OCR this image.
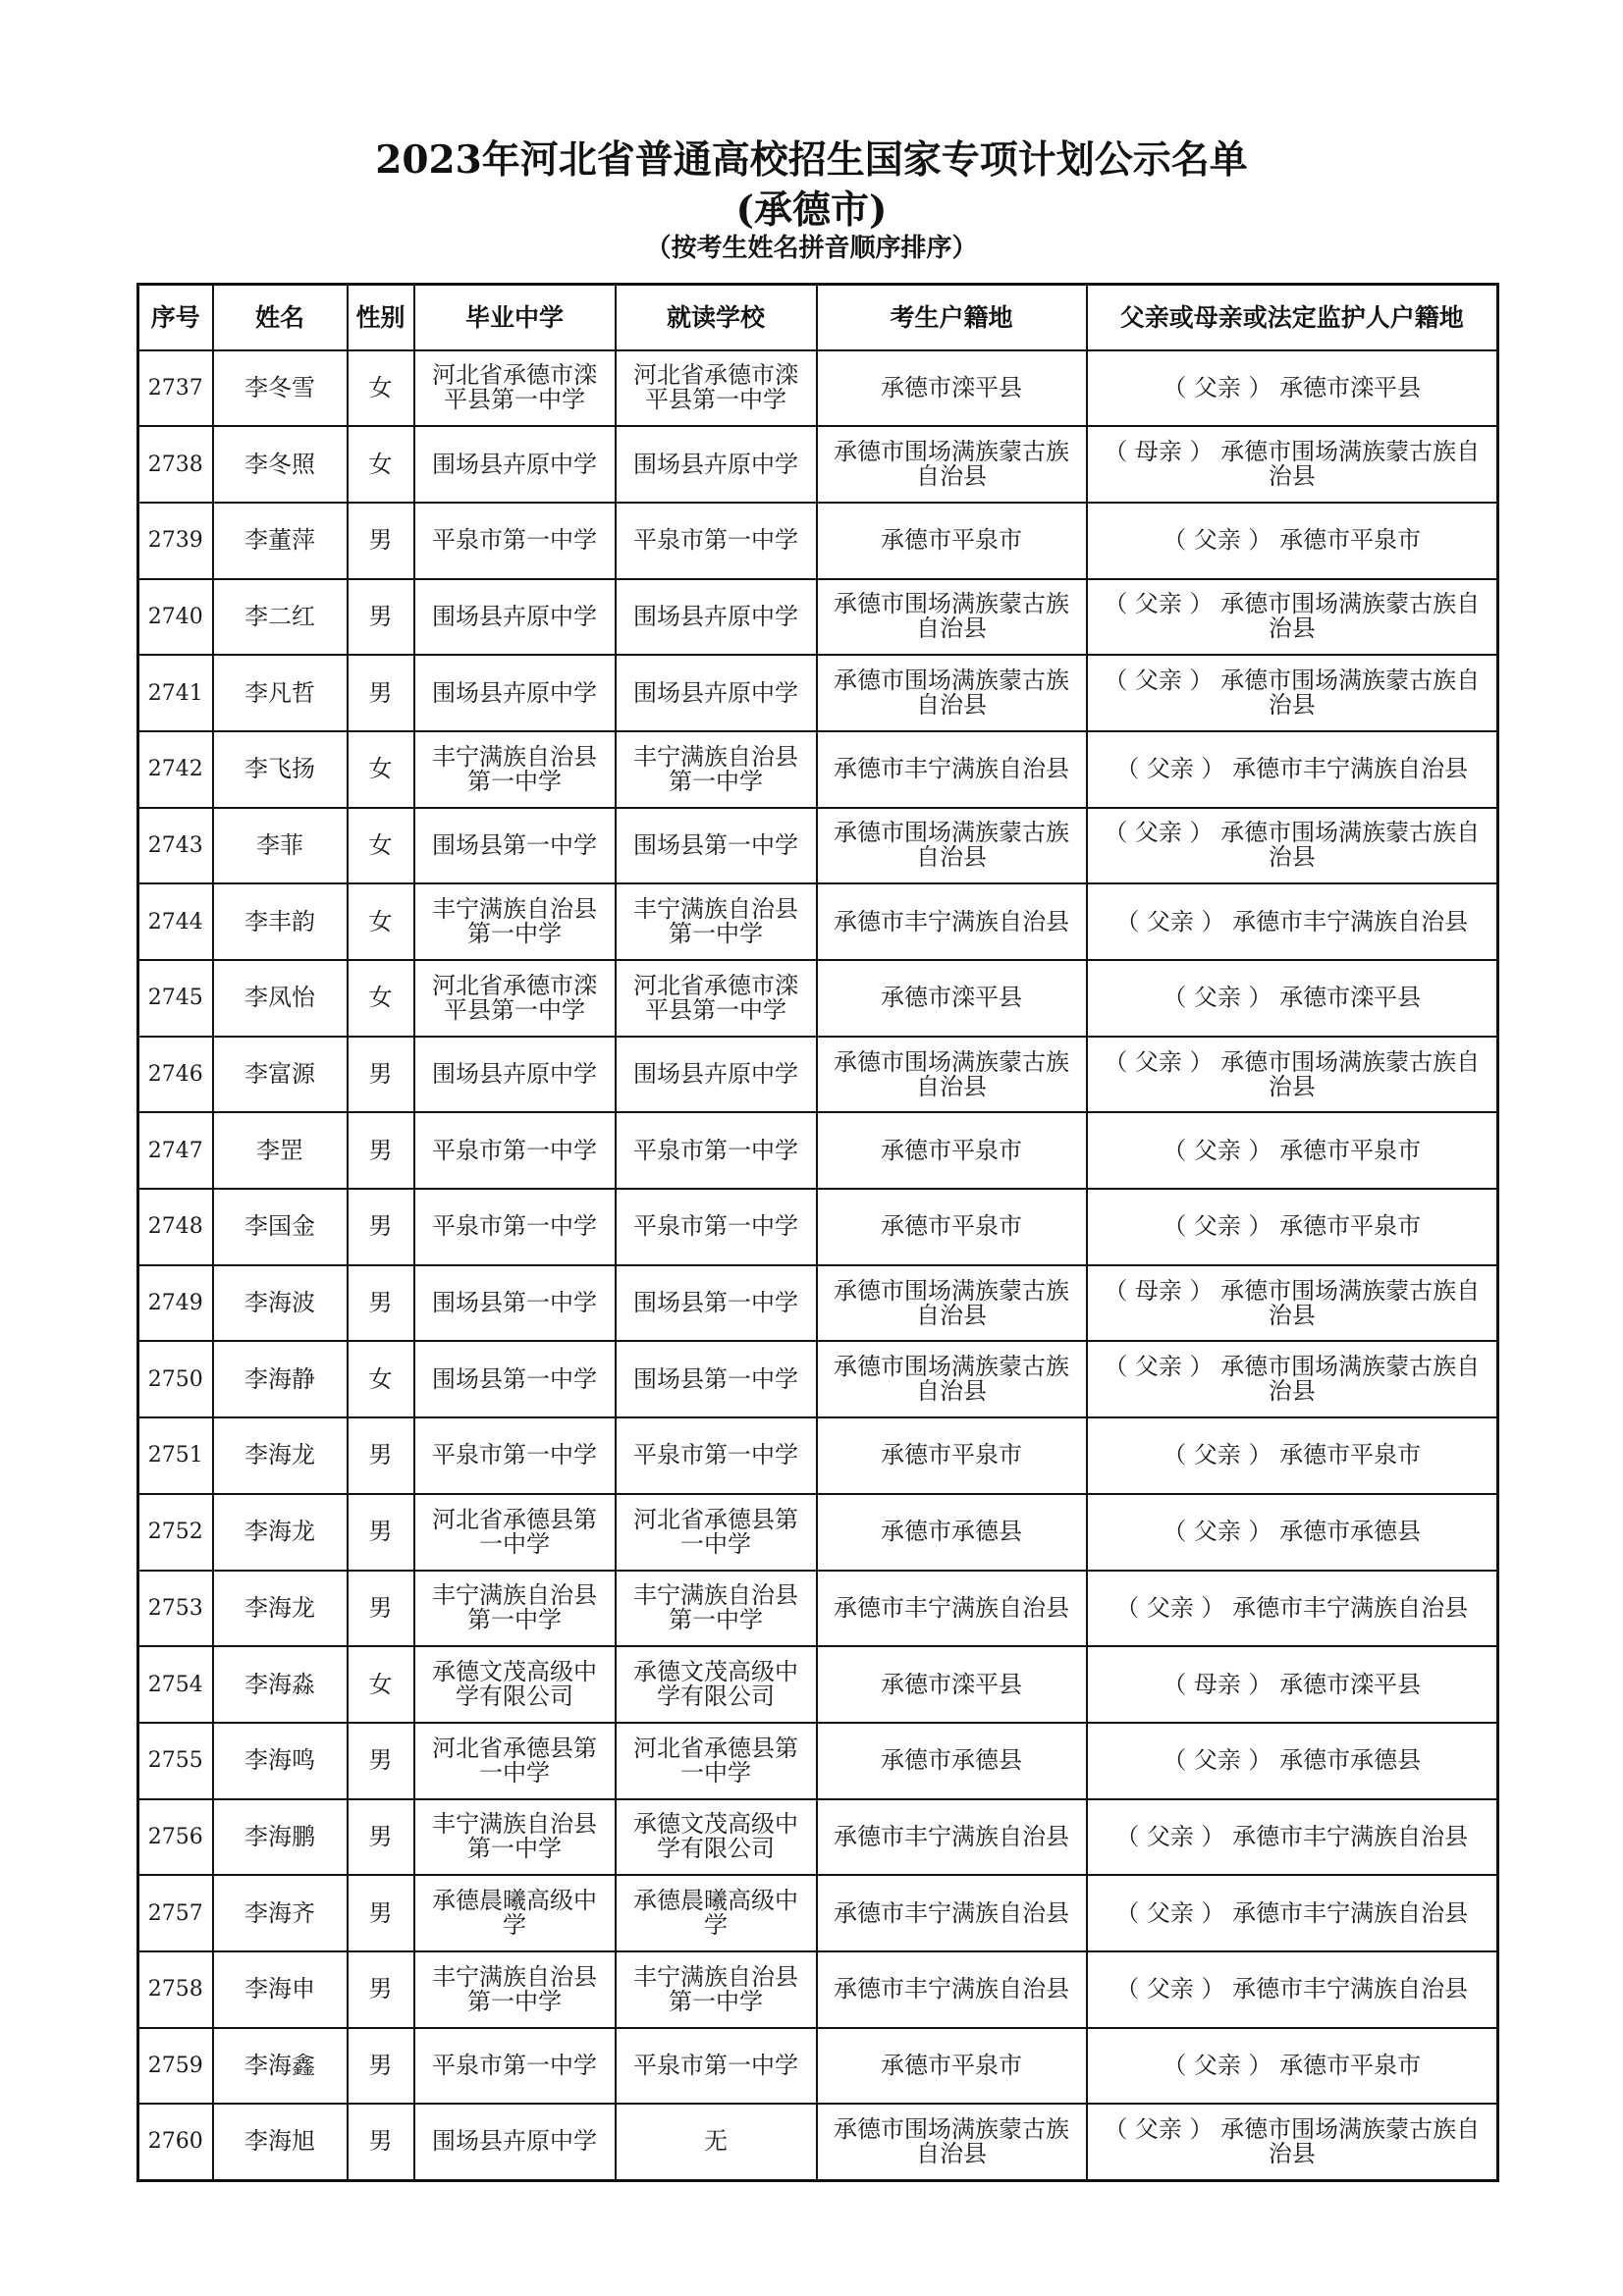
2023年河北省普通高校招生国家专项计划公示名单
(承德市)
（按考生姓名拼音顺序排序）
序号	姓名	性别	毕业中学	就读学校	考生户籍地	父亲或母亲或法定监护人户籍地
2737	李冬雪	女	河北省承德市滦平县第一中学	河北省承德市滦平县第一中学	承德市滦平县	（ 父亲 ） 承德市滦平县
2738	李冬照	女	围场县卉原中学	围场县卉原中学	承德市围场满族蒙古族自治县	（ 母亲 ） 承德市围场满族蒙古族自治县
2739	李董萍	男	平泉市第一中学	平泉市第一中学	承德市平泉市	（ 父亲 ） 承德市平泉市
2740	李二红	男	围场县卉原中学	围场县卉原中学	承德市围场满族蒙古族自治县	（ 父亲 ） 承德市围场满族蒙古族自治县
2741	李凡哲	男	围场县卉原中学	围场县卉原中学	承德市围场满族蒙古族自治县	（ 父亲 ） 承德市围场满族蒙古族自治县
2742	李飞扬	女	丰宁满族自治县第一中学	丰宁满族自治县第一中学	承德市丰宁满族自治县	（ 父亲 ） 承德市丰宁满族自治县
2743	李菲	女	围场县第一中学	围场县第一中学	承德市围场满族蒙古族自治县	（ 父亲 ） 承德市围场满族蒙古族自治县
2744	李丰韵	女	丰宁满族自治县第一中学	丰宁满族自治县第一中学	承德市丰宁满族自治县	（ 父亲 ） 承德市丰宁满族自治县
2745	李凤怡	女	河北省承德市滦平县第一中学	河北省承德市滦平县第一中学	承德市滦平县	（ 父亲 ） 承德市滦平县
2746	李富源	男	围场县卉原中学	围场县卉原中学	承德市围场满族蒙古族自治县	（ 父亲 ） 承德市围场满族蒙古族自治县
2747	李罡	男	平泉市第一中学	平泉市第一中学	承德市平泉市	（ 父亲 ） 承德市平泉市
2748	李国金	男	平泉市第一中学	平泉市第一中学	承德市平泉市	（ 父亲 ） 承德市平泉市
2749	李海波	男	围场县第一中学	围场县第一中学	承德市围场满族蒙古族自治县	（ 母亲 ） 承德市围场满族蒙古族自治县
2750	李海静	女	围场县第一中学	围场县第一中学	承德市围场满族蒙古族自治县	（ 父亲 ） 承德市围场满族蒙古族自治县
2751	李海龙	男	平泉市第一中学	平泉市第一中学	承德市平泉市	（ 父亲 ） 承德市平泉市
2752	李海龙	男	河北省承德县第一中学	河北省承德县第一中学	承德市承德县	（ 父亲 ） 承德市承德县
2753	李海龙	男	丰宁满族自治县第一中学	丰宁满族自治县第一中学	承德市丰宁满族自治县	（ 父亲 ） 承德市丰宁满族自治县
2754	李海淼	女	承德文茂高级中学有限公司	承德文茂高级中学有限公司	承德市滦平县	（ 母亲 ） 承德市滦平县
2755	李海鸣	男	河北省承德县第一中学	河北省承德县第一中学	承德市承德县	（ 父亲 ） 承德市承德县
2756	李海鹏	男	丰宁满族自治县第一中学	承德文茂高级中学有限公司	承德市丰宁满族自治县	（ 父亲 ） 承德市丰宁满族自治县
2757	李海齐	男	承德晨曦高级中学	承德晨曦高级中学	承德市丰宁满族自治县	（ 父亲 ） 承德市丰宁满族自治县
2758	李海申	男	丰宁满族自治县第一中学	丰宁满族自治县第一中学	承德市丰宁满族自治县	（ 父亲 ） 承德市丰宁满族自治县
2759	李海鑫	男	平泉市第一中学	平泉市第一中学	承德市平泉市	（ 父亲 ） 承德市平泉市
2760	李海旭	男	围场县卉原中学	无	承德市围场满族蒙古族自治县	（ 父亲 ） 承德市围场满族蒙古族自治县
